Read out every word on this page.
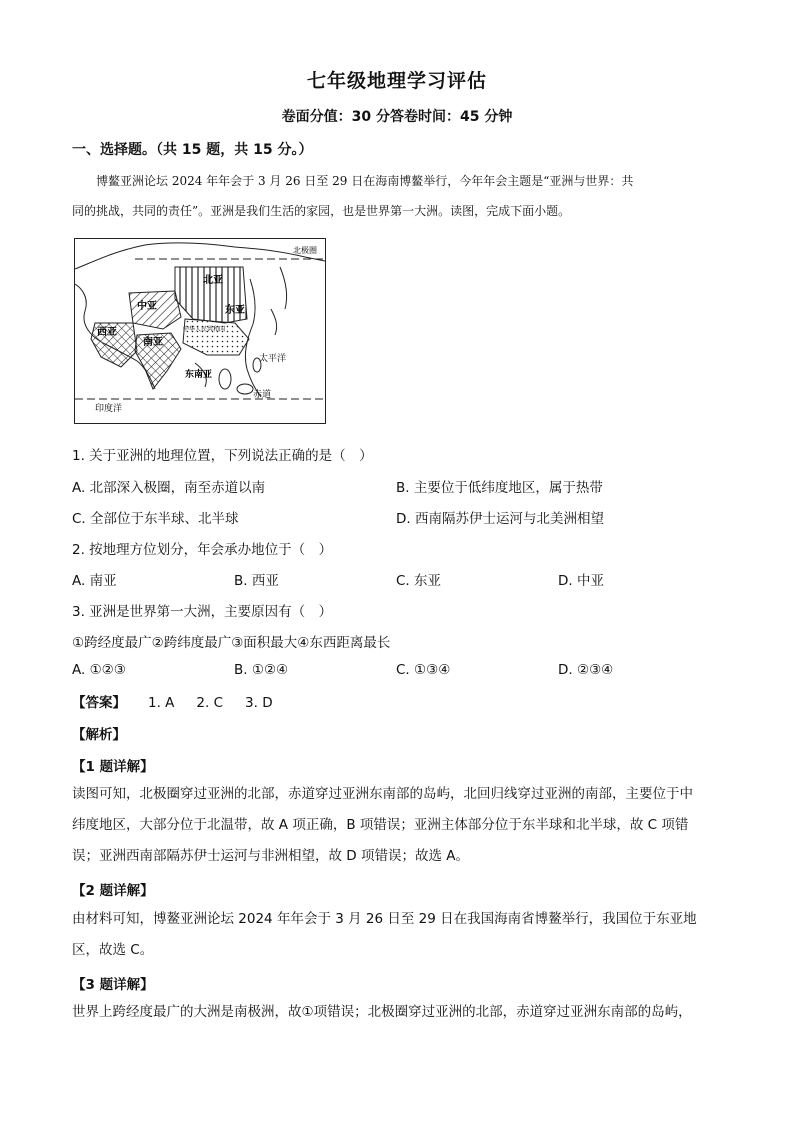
七年级地理学习评估
卷面分值：30 分答卷时间：45 分钟
一、选择题。（共 15 题，共 15 分。）

博鳌亚洲论坛 2024 年年会于 3 月 26 日至 29 日在海南博鳌举行，今年年会主题是“亚洲与世界：共

同的挑战，共同的责任”。亚洲是我们生活的家园，也是世界第一大洲。读图，完成下面小题。

北极圈
北亚
中亚	东亚
西亚
南亚
中华人民共和国
东南亚
太平洋
赤道
印度洋
1. 关于亚洲的地理位置，下列说法正确的是（　）
A. 北部深入极圈，南至赤道以南	B. 主要位于低纬度地区，属于热带
C. 全部位于东半球、北半球	D. 西南隔苏伊士运河与北美洲相望
2. 按地理方位划分，年会承办地位于（　）
A. 南亚	B. 西亚	C. 东亚	D. 中亚
3. 亚洲是世界第一大洲，主要原因有（　）
①跨经度最广②跨纬度最广③面积最大④东西距离最长
A. ①②③	B. ①②④	C. ①③④	D. ②③④
【答案】 1. A 2. C 3. D
【解析】
【1 题详解】

读图可知，北极圈穿过亚洲的北部，赤道穿过亚洲东南部的岛屿，北回归线穿过亚洲的南部，主要位于中

纬度地区，大部分位于北温带，故 A 项正确，B 项错误；亚洲主体部分位于东半球和北半球，故 C 项错

误；亚洲西南部隔苏伊士运河与非洲相望，故 D 项错误；故选 A。

【2 题详解】

由材料可知，博鳌亚洲论坛 2024 年年会于 3 月 26 日至 29 日在我国海南省博鳌举行，我国位于东亚地

区，故选 C。

【3 题详解】

世界上跨经度最广的大洲是南极洲，故①项错误；北极圈穿过亚洲的北部，赤道穿过亚洲东南部的岛屿，
